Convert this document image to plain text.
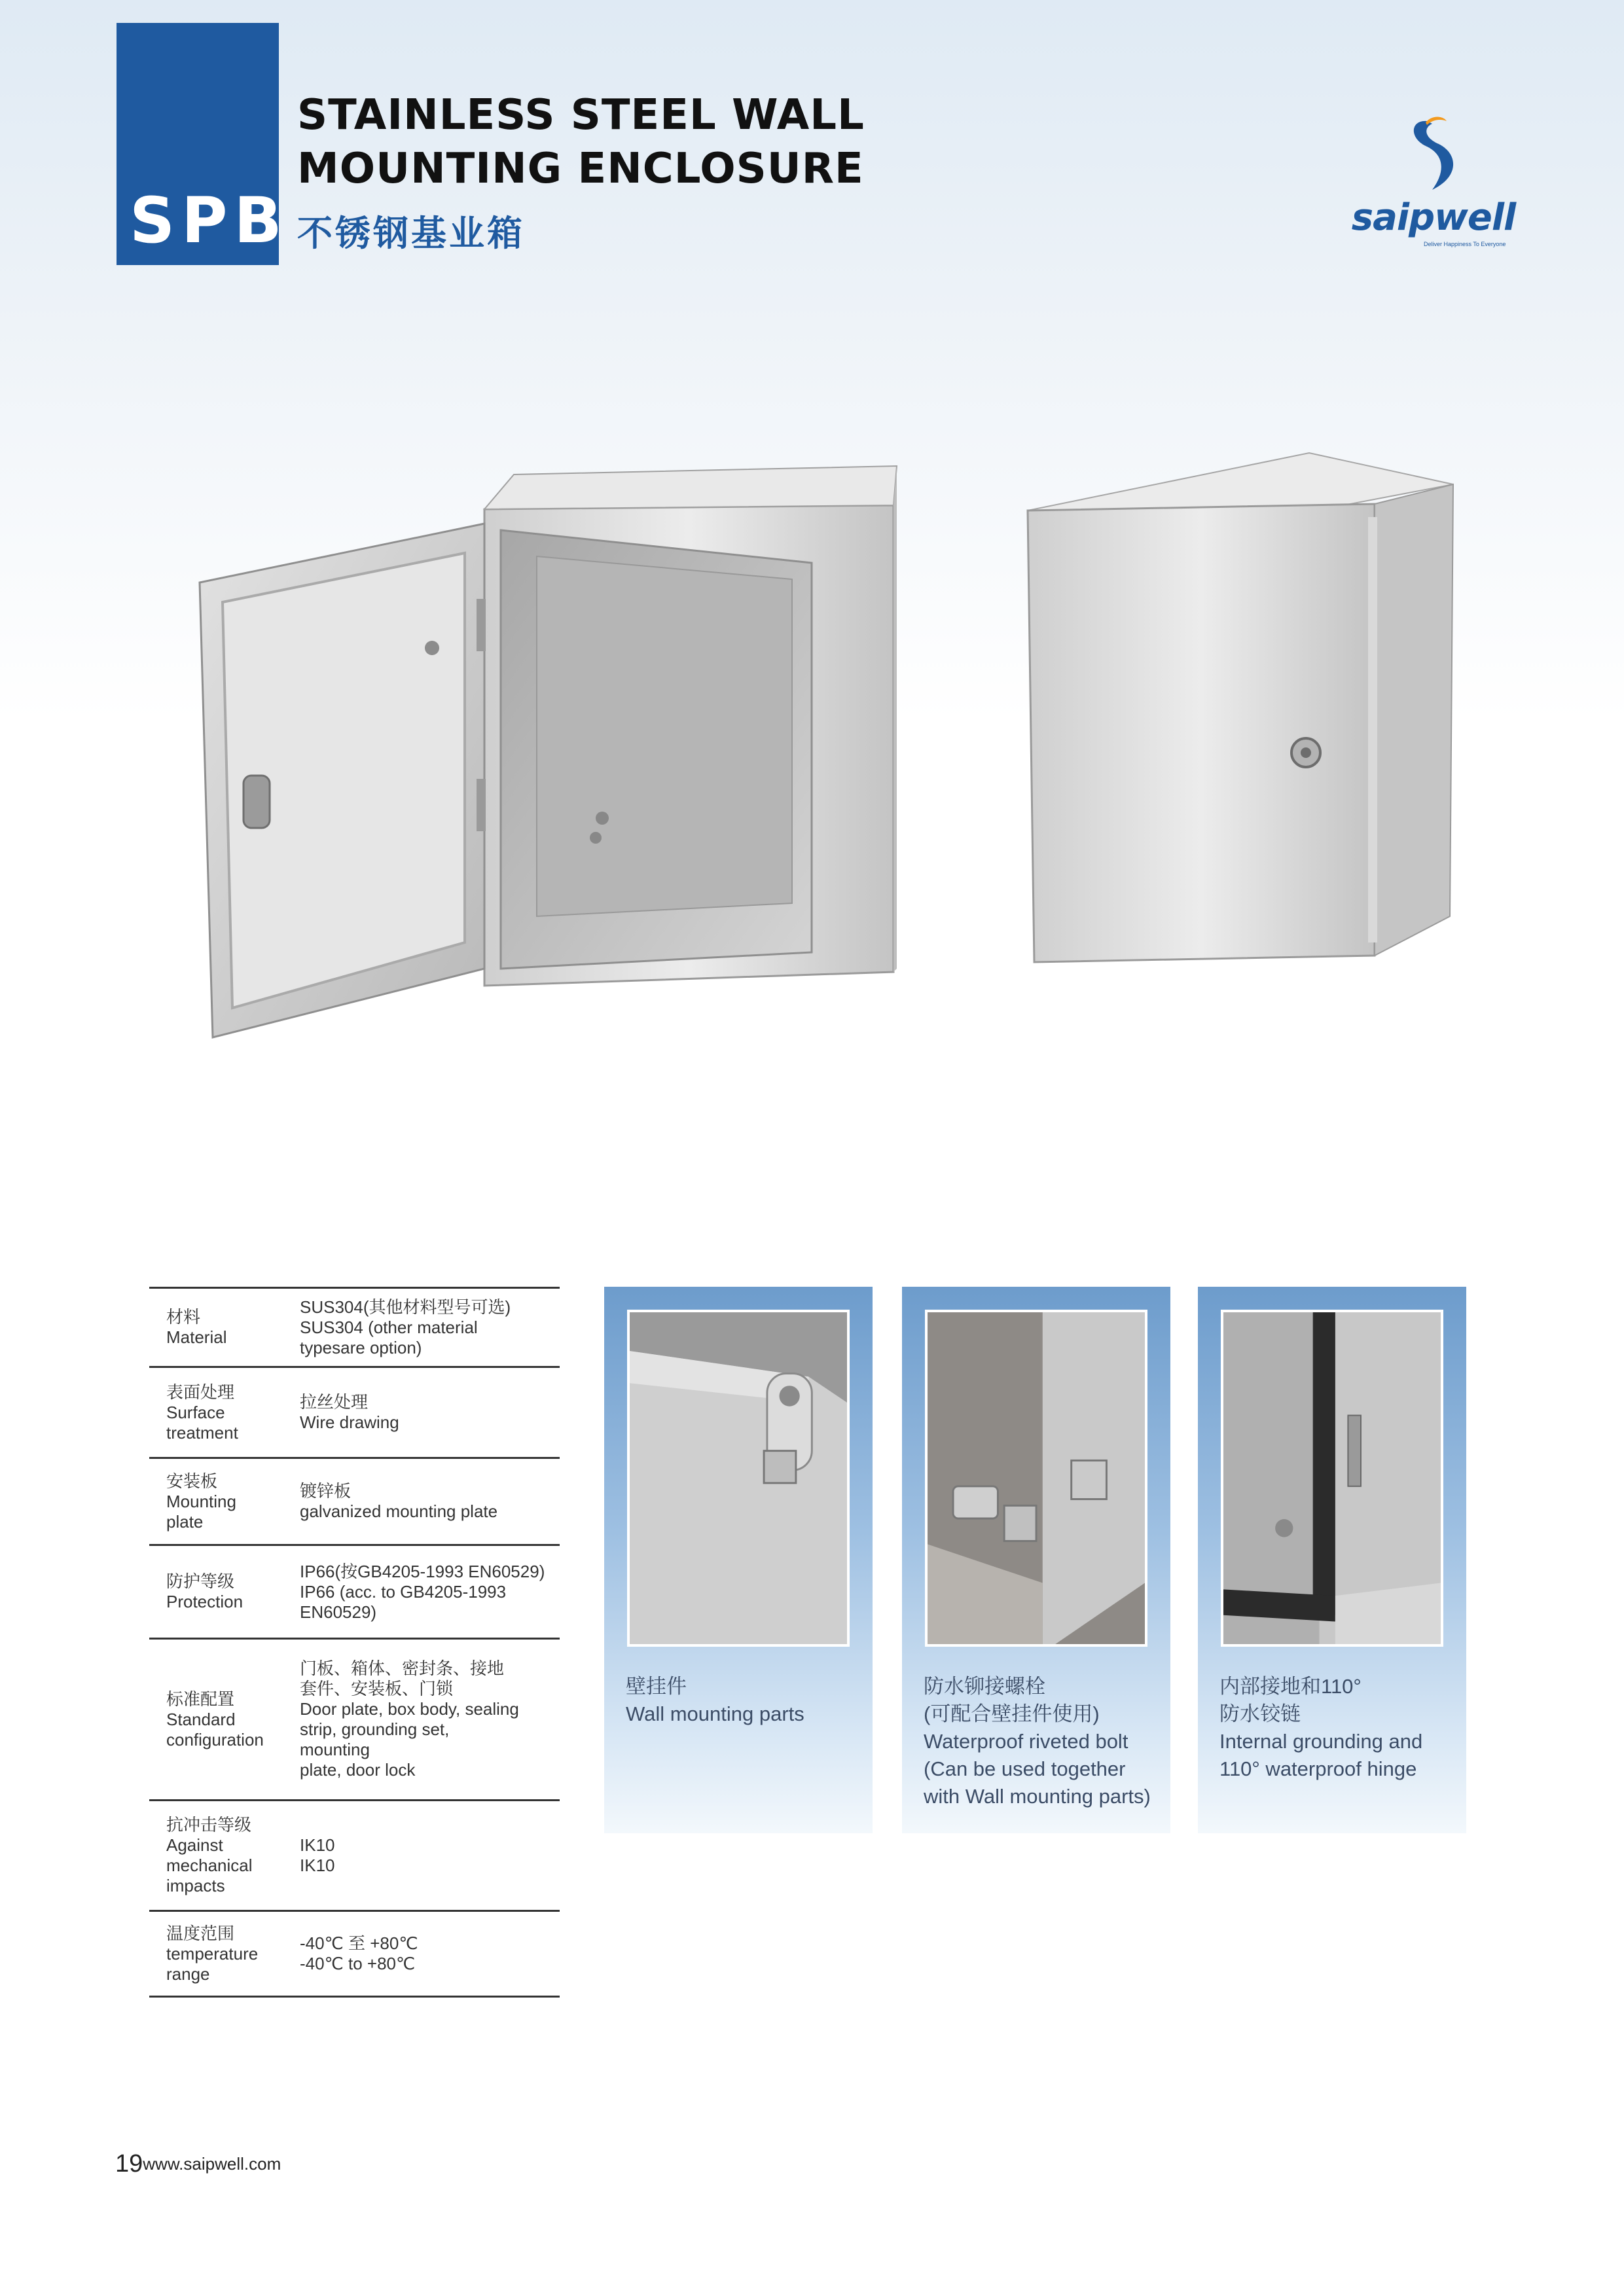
SPB
STAINLESS STEEL WALL
MOUNTING ENCLOSURE
不锈钢基业箱	saipwell
Deliver Happiness To Everyone
材料
Material
SUS304(其他材料型号可选)
SUS304 (other material
typesare option)
表面处理
Surface
treatment
拉丝处理
Wire drawing
安装板
Mounting
plate
镀锌板
galvanized mounting plate
防护等级
Protection
IP66(按GB4205-1993 EN60529)
IP66 (acc. to GB4205-1993
EN60529)
标准配置
Standard
configuration
门板、箱体、密封条、接地
套件、安装板、门锁
Door plate, box body, sealing
strip, grounding set,
mounting
plate, door lock
抗冲击等级
Against
mechanical
impacts
IK10
IK10
温度范围
temperature
range
-40℃ 至 +80℃
-40℃ to +80℃
壁挂件
Wall mounting parts
防水铆接螺栓
(可配合壁挂件使用)
Waterproof riveted bolt
(Can be used together
with Wall mounting parts)
内部接地和110°
防水铰链
Internal grounding and
110° waterproof hinge
19www.saipwell.com
